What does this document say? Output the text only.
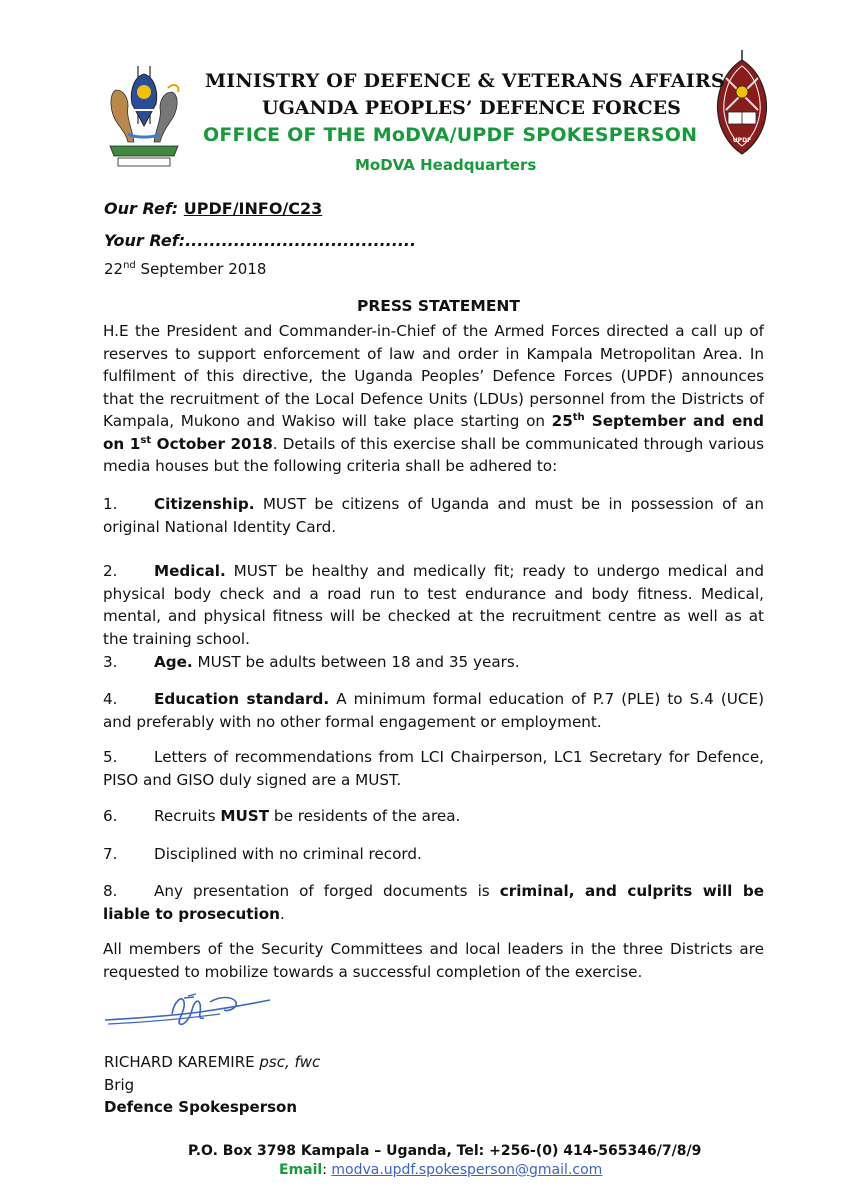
UPDF
MINISTRY OF DEFENCE & VETERANS AFFAIRS
UGANDA PEOPLES’ DEFENCE FORCES
OFFICE OF THE MoDVA/UPDF SPOKESPERSON
MoDVA Headquarters
Our Ref: UPDF/INFO/C23
Your Ref:......................................
22nd September 2018
PRESS STATEMENT
H.E the President and Commander-in-Chief of the Armed Forces directed a call up of reserves to support enforcement of law and order in Kampala Metropolitan Area. In fulfilment of this directive, the Uganda Peoples’ Defence Forces (UPDF) announces that the recruitment of the Local Defence Units (LDUs) personnel from the Districts of Kampala, Mukono and Wakiso will take place starting on 25th September and end on 1st October 2018. Details of this exercise shall be communicated through various media houses but the following criteria shall be adhered to:
1. Citizenship. MUST be citizens of Uganda and must be in possession of an original National Identity Card.
2. Medical. MUST be healthy and medically fit; ready to undergo medical and physical body check and a road run to test endurance and body fitness. Medical, mental, and physical fitness will be checked at the recruitment centre as well as at the training school.
3. Age. MUST be adults between 18 and 35 years.
4. Education standard. A minimum formal education of P.7 (PLE) to S.4 (UCE) and preferably with no other formal engagement or employment.
5. Letters of recommendations from LCI Chairperson, LC1 Secretary for Defence, PISO and GISO duly signed are a MUST.
6. Recruits MUST be residents of the area.
7. Disciplined with no criminal record.
8. Any presentation of forged documents is criminal, and culprits will be liable to prosecution.
All members of the Security Committees and local leaders in the three Districts are requested to mobilize towards a successful completion of the exercise.
RICHARD KAREMIRE psc, fwc
Brig
Defence Spokesperson
P.O. Box 3798 Kampala – Uganda, Tel: +256-(0) 414-565346/7/8/9
Email: modva.updf.spokesperson@gmail.com
